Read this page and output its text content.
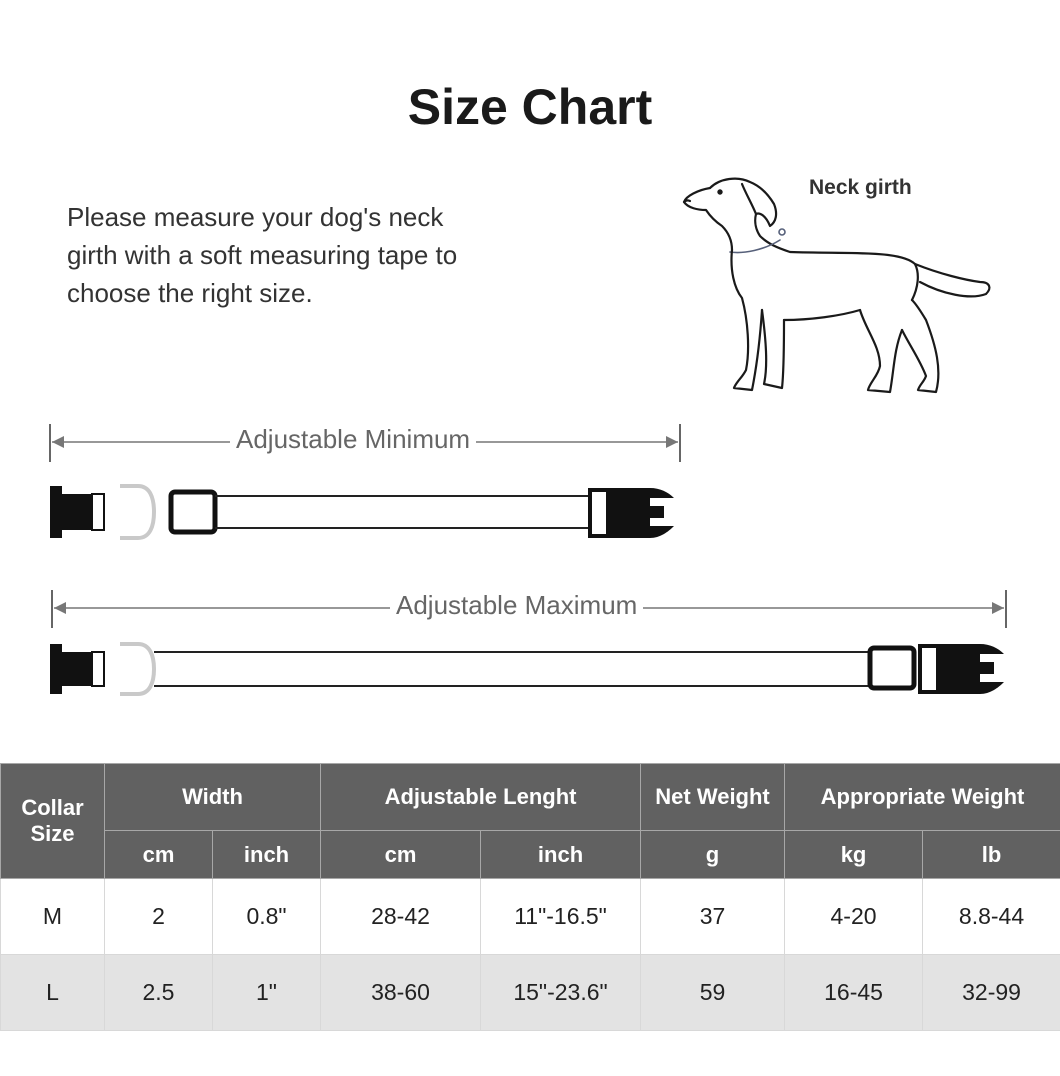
Size Chart
Please measure your dog's neck
girth with a soft measuring tape to
choose the right size.
Neck girth
Adjustable Minimum
Adjustable Maximum
Collar
Size	Width		Adjustable Lenght		Net Weight	Appropriate Weight	
	cm	inch	cm	inch	g	kg	lb
M	2	0.8"	28-42	11"-16.5"	37	4-20	8.8-44
L	2.5	1"	38-60	15"-23.6"	59	16-45	32-99
